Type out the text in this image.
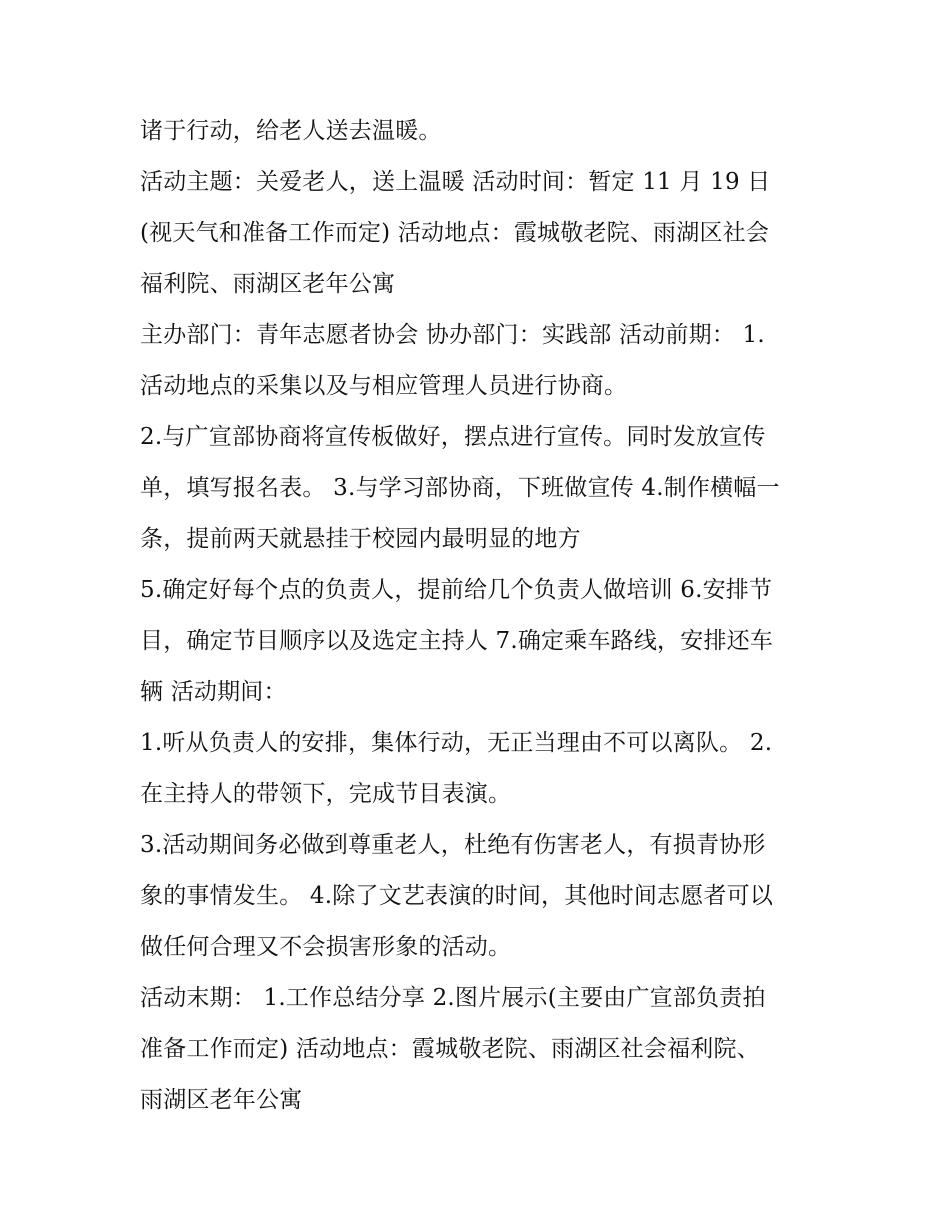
诸于行动，给老人送去温暖。
活动主题：关爱老人，送上温暖 活动时间：暂定 11 月 19 日
(视天气和准备工作而定) 活动地点：霞城敬老院、雨湖区社会
福利院、雨湖区老年公寓
主办部门：青年志愿者协会 协办部门：实践部 活动前期： 1.
活动地点的采集以及与相应管理人员进行协商。
2.与广宣部协商将宣传板做好，摆点进行宣传。同时发放宣传
单，填写报名表。 3.与学习部协商，下班做宣传 4.制作横幅一
条，提前两天就悬挂于校园内最明显的地方
5.确定好每个点的负责人，提前给几个负责人做培训 6.安排节
目，确定节目顺序以及选定主持人 7.确定乘车路线，安排还车
辆 活动期间：
1.听从负责人的安排，集体行动，无正当理由不可以离队。 2.
在主持人的带领下，完成节目表演。
3.活动期间务必做到尊重老人，杜绝有伤害老人，有损青协形
象的事情发生。 4.除了文艺表演的时间，其他时间志愿者可以
做任何合理又不会损害形象的活动。
活动末期： 1.工作总结分享 2.图片展示(主要由广宣部负责拍
准备工作而定) 活动地点：霞城敬老院、雨湖区社会福利院、
雨湖区老年公寓
